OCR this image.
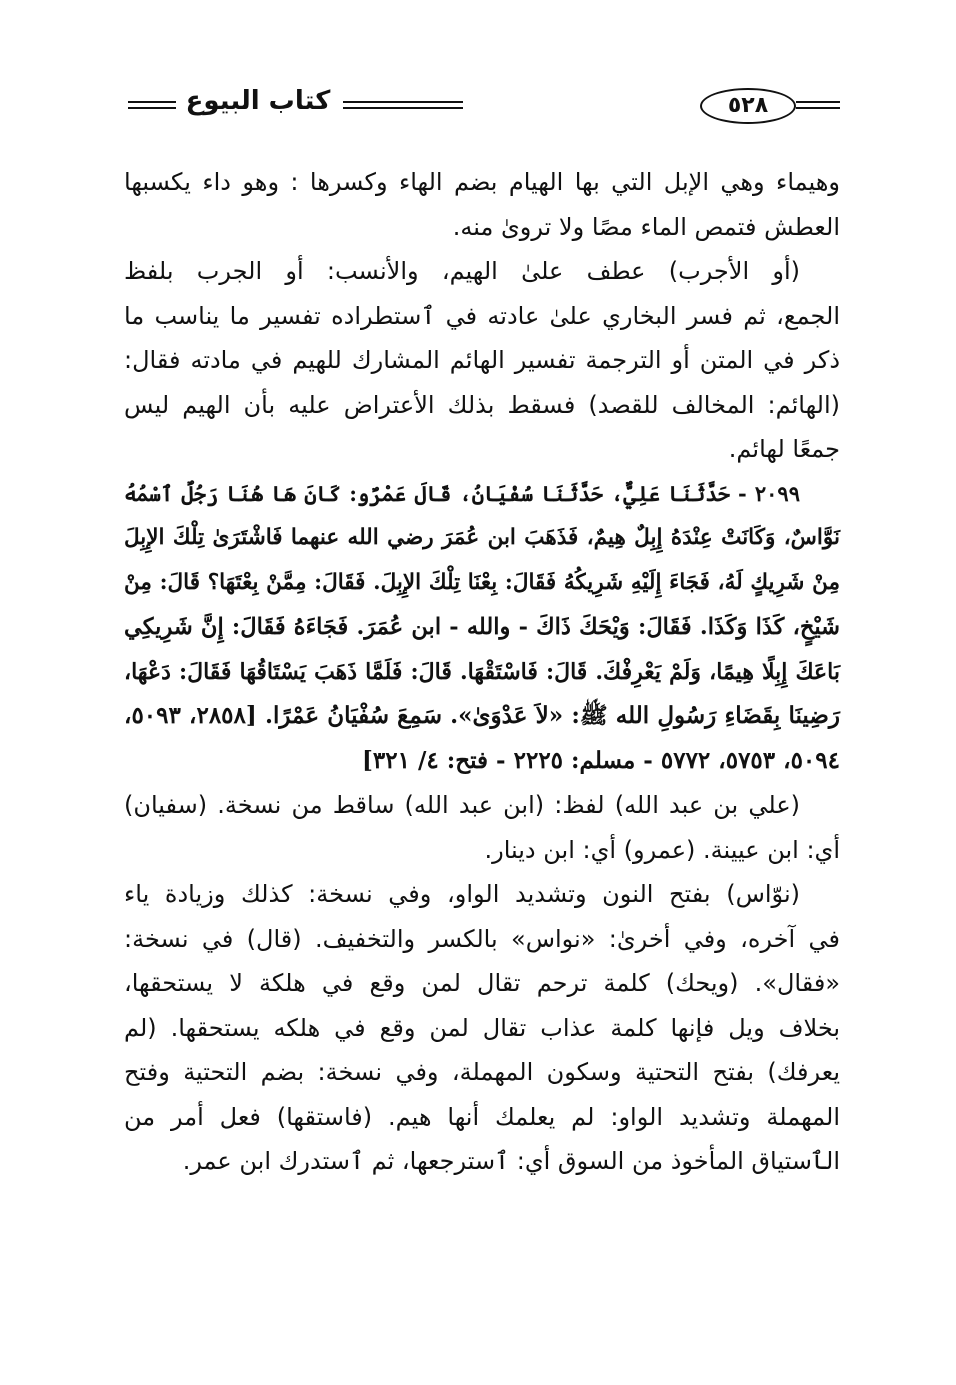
كتاب البيوع	٥٢٨

وهيماء وهي الإبل التي بها الهيام بضم الهاء وكسرها : وهو داء يكسبها
العطش فتمص الماء مصًا ولا ترویٰ منه.

(أو الأجرب) عطف علىٰ الهيم، والأنسب: أو الجرب بلفظ
الجمع، ثم فسر البخاري علىٰ عادته في ٱستطراده تفسير ما يناسب ما
ذكر في المتن أو الترجمة تفسير الهائم المشارك للهيم في مادته فقال:
(الهائم: المخالف للقصد) فسقط بذلك الأعتراض عليه بأن الهيم ليس
جمعًا لهائم.

٢٠٩٩ - حَدَّثَنَا عَلِيٌّ، حَدَّثَنَا سُفْيَانُ، قَالَ عَمْرٌو: كَانَ هَا هُنَا رَجُلٌ ٱسْمُهُ
نَوَّاسٌ، وَكَانَتْ عِنْدَهُ إِبِلٌ هِيمٌ، فَذَهَبَ ابن عُمَرَ رضي الله عنهما فَاشْتَرَىٰ تِلْكَ الإِبِلَ
مِنْ شَرِيكٍ لَهُ، فَجَاءَ إِلَيْهِ شَرِيكُهُ فَقَالَ: بِعْنَا تِلْكَ الإِبِلَ. فَقَالَ: مِمَّنْ بِعْتَهَا؟ قَالَ: مِنْ
شَيْخٍ، كَذَا وَكَذَا. فَقَالَ: وَيْحَكَ ذَاكَ - والله - ابن عُمَرَ. فَجَاءَهُ فَقَالَ: إِنَّ شَرِيكِي
بَاعَكَ إِبِلًا هِيمًا، وَلَمْ يَعْرِفْكَ. قَالَ: فَاسْتَقْهَا. قَالَ: فَلَمَّا ذَهَبَ يَسْتَاقُهَا فَقَالَ: دَعْهَا،
رَضِينَا بِقَضَاءِ رَسُولِ الله ﷺ: «لاَ عَدْوَىٰ». سَمِعَ سُفْيَانُ عَمْرًا. [٢٨٥٨، ٥٠٩٣،
٥٠٩٤، ٥٧٥٣، ٥٧٧٢ - مسلم: ٢٢٢٥ - فتح: ٤/ ٣٢١]

(علي بن عبد الله) لفظ: (ابن عبد الله) ساقط من نسخة. (سفيان)
أي: ابن عيينة. (عمرو) أي: ابن دينار.

(نوّاس) بفتح النون وتشديد الواو، وفي نسخة: كذلك وزيادة ياء
في آخره، وفي أخرىٰ: «نواس» بالكسر والتخفيف. (قال) في نسخة:
«فقال». (ويحك) كلمة ترحم تقال لمن وقع في هلكة لا يستحقها،
بخلاف ويل فإنها كلمة عذاب تقال لمن وقع في هلكه يستحقها. (لم
يعرفك) بفتح التحتية وسكون المهملة، وفي نسخة: بضم التحتية وفتح
المهملة وتشديد الواو: لم يعلمك أنها هيم. (فاستقها) فعل أمر من
الٱستياق المأخوذ من السوق أي: ٱسترجعها، ثم ٱستدرك ابن عمر.
